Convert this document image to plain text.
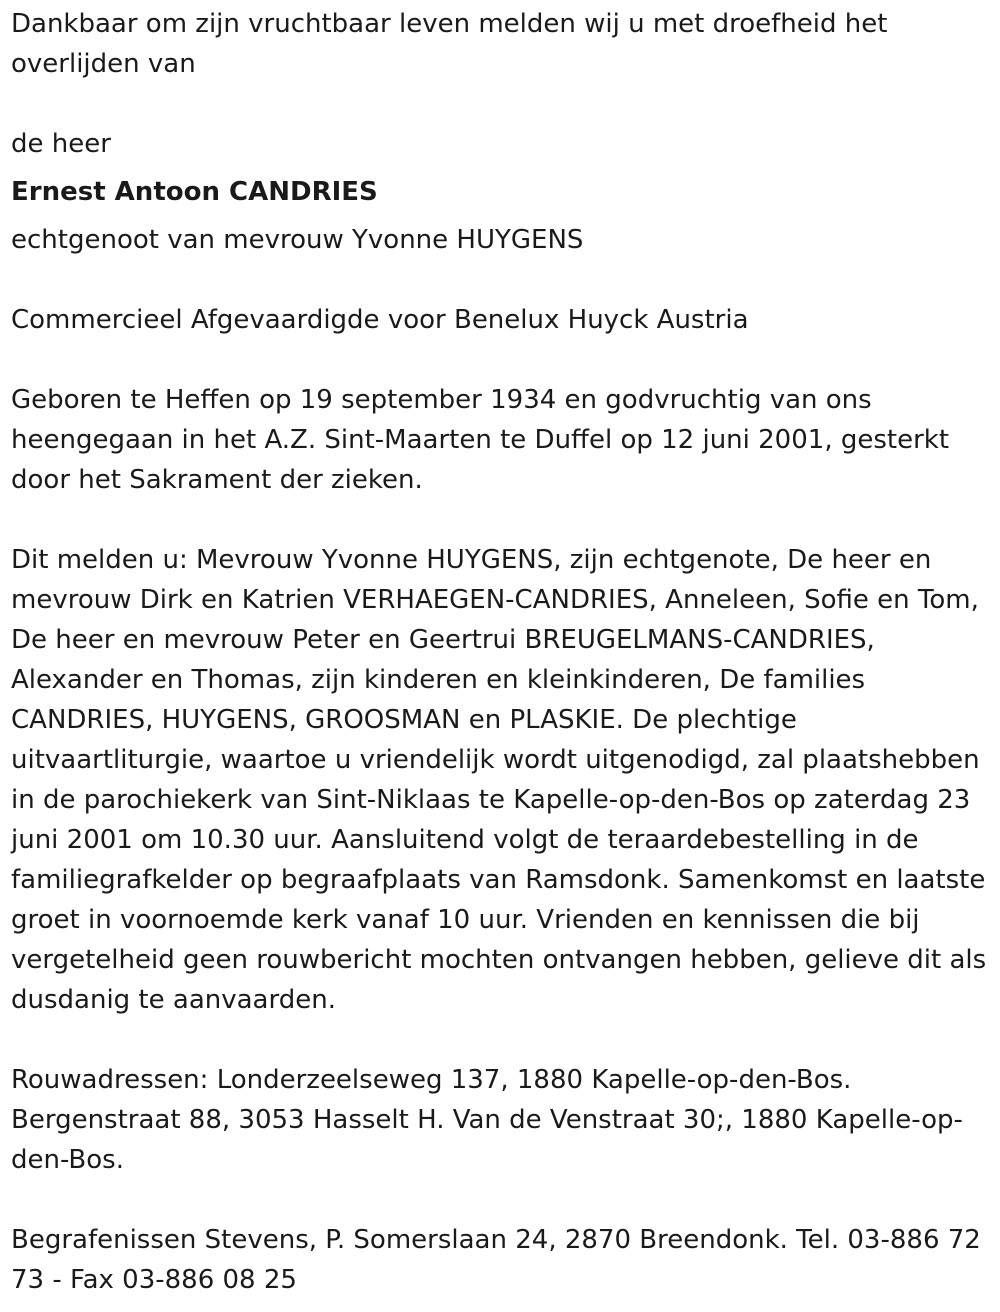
Dankbaar om zijn vruchtbaar leven melden wij u met droefheid het overlijden van

de heer

Ernest Antoon CANDRIES

echtgenoot van mevrouw Yvonne HUYGENS

Commercieel Afgevaardigde voor Benelux Huyck Austria

Geboren te Heffen op 19 september 1934 en godvruchtig van ons heengegaan in het A.Z. Sint-Maarten te Duffel op 12 juni 2001, gesterkt door het Sakrament der zieken.

Dit melden u: Mevrouw Yvonne HUYGENS, zijn echtgenote, De heer en mevrouw Dirk en Katrien VERHAEGEN-CANDRIES, Anneleen, Sofie en Tom, De heer en mevrouw Peter en Geertrui BREUGELMANS-CANDRIES, Alexander en Thomas, zijn kinderen en kleinkinderen, De families CANDRIES, HUYGENS, GROOSMAN en PLASKIE. De plechtige uitvaartliturgie, waartoe u vriendelijk wordt uitgenodigd, zal plaatshebben in de parochiekerk van Sint-Niklaas te Kapelle-op-den-Bos op zaterdag 23 juni 2001 om 10.30 uur. Aansluitend volgt de teraardebestelling in de familiegrafkelder op begraafplaats van Ramsdonk. Samenkomst en laatste groet in voornoemde kerk vanaf 10 uur. Vrienden en kennissen die bij vergetelheid geen rouwbericht mochten ontvangen hebben, gelieve dit als dusdanig te aanvaarden.

Rouwadressen: Londerzeelseweg 137, 1880 Kapelle-op-den-Bos. Bergenstraat 88, 3053 Hasselt H. Van de Venstraat 30;, 1880 Kapelle-op-den-Bos.

Begrafenissen Stevens, P. Somerslaan 24, 2870 Breendonk. Tel. 03-886 72 73 - Fax 03-886 08 25
